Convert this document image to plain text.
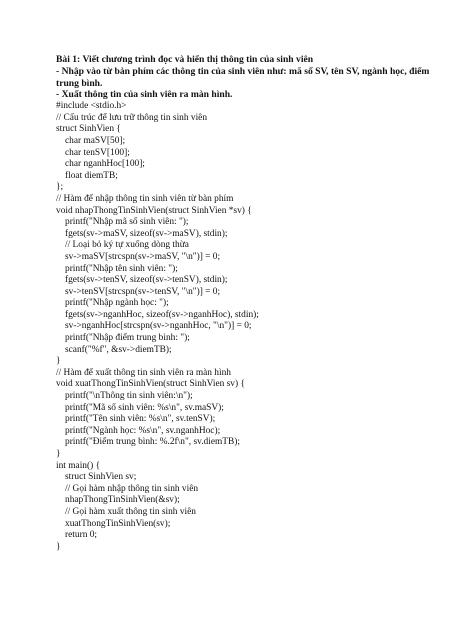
Bài 1: Viết chương trình đọc và hiển thị thông tin của sinh viên

- Nhập vào từ bàn phím các thông tin của sinh viên như: mã số SV, tên SV, ngành học, điểm trung bình.

- Xuất thông tin của sinh viên ra màn hình.

#include <stdio.h>
// Cấu trúc để lưu trữ thông tin sinh viên
struct SinhVien {
char maSV[50];
char tenSV[100];
char nganhHoc[100];
float diemTB;
};
// Hàm để nhập thông tin sinh viên từ bàn phím
void nhapThongTinSinhVien(struct SinhVien *sv) {
printf("Nhập mã số sinh viên: ");
fgets(sv->maSV, sizeof(sv->maSV), stdin);
// Loại bỏ ký tự xuống dòng thừa
sv->maSV[strcspn(sv->maSV, "\n")] = 0;
printf("Nhập tên sinh viên: ");
fgets(sv->tenSV, sizeof(sv->tenSV), stdin);
sv->tenSV[strcspn(sv->tenSV, "\n")] = 0;
printf("Nhập ngành học: ");
fgets(sv->nganhHoc, sizeof(sv->nganhHoc), stdin);
sv->nganhHoc[strcspn(sv->nganhHoc, "\n")] = 0;
printf("Nhập điểm trung bình: ");
scanf("%f", &sv->diemTB);
}
// Hàm để xuất thông tin sinh viên ra màn hình
void xuatThongTinSinhVien(struct SinhVien sv) {
printf("\nThông tin sinh viên:\n");
printf("Mã số sinh viên: %s\n", sv.maSV);
printf("Tên sinh viên: %s\n", sv.tenSV);
printf("Ngành học: %s\n", sv.nganhHoc);
printf("Điểm trung bình: %.2f\n", sv.diemTB);
}
int main() {
struct SinhVien sv;
// Gọi hàm nhập thông tin sinh viên
nhapThongTinSinhVien(&sv);
// Gọi hàm xuất thông tin sinh viên
xuatThongTinSinhVien(sv);
return 0;
}
